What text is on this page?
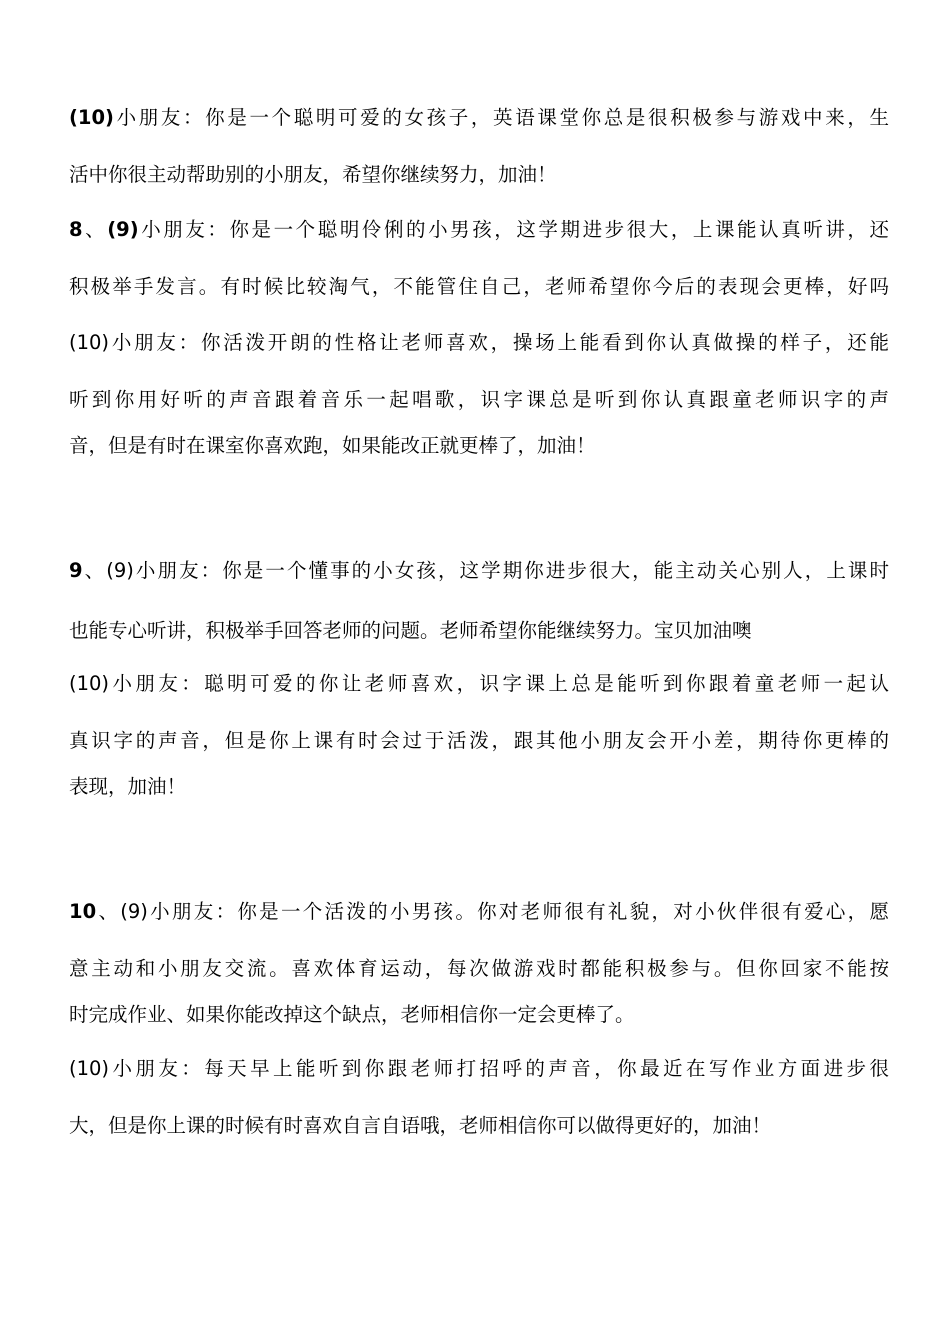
(10)小朋友：你是一个聪明可爱的女孩子，英语课堂你总是很积极参与游戏中来，生
活中你很主动帮助别的小朋友，希望你继续努力，加油！
8、(9)小朋友：你是一个聪明伶俐的小男孩，这学期进步很大，上课能认真听讲，还
积极举手发言。有时候比较淘气，不能管住自己，老师希望你今后的表现会更棒，好吗
(10)小朋友：你活泼开朗的性格让老师喜欢，操场上能看到你认真做操的样子，还能
听到你用好听的声音跟着音乐一起唱歌，识字课总是听到你认真跟童老师识字的声
音，但是有时在课室你喜欢跑，如果能改正就更棒了，加油！
9、(9)小朋友：你是一个懂事的小女孩，这学期你进步很大，能主动关心别人，上课时
也能专心听讲，积极举手回答老师的问题。老师希望你能继续努力。宝贝加油噢
(10)小朋友：聪明可爱的你让老师喜欢，识字课上总是能听到你跟着童老师一起认
真识字的声音，但是你上课有时会过于活泼，跟其他小朋友会开小差，期待你更棒的
表现，加油！
10、(9)小朋友：你是一个活泼的小男孩。你对老师很有礼貌，对小伙伴很有爱心，愿
意主动和小朋友交流。喜欢体育运动，每次做游戏时都能积极参与。但你回家不能按
时完成作业、如果你能改掉这个缺点，老师相信你一定会更棒了。
(10)小朋友：每天早上能听到你跟老师打招呼的声音，你最近在写作业方面进步很
大，但是你上课的时候有时喜欢自言自语哦，老师相信你可以做得更好的，加油！
